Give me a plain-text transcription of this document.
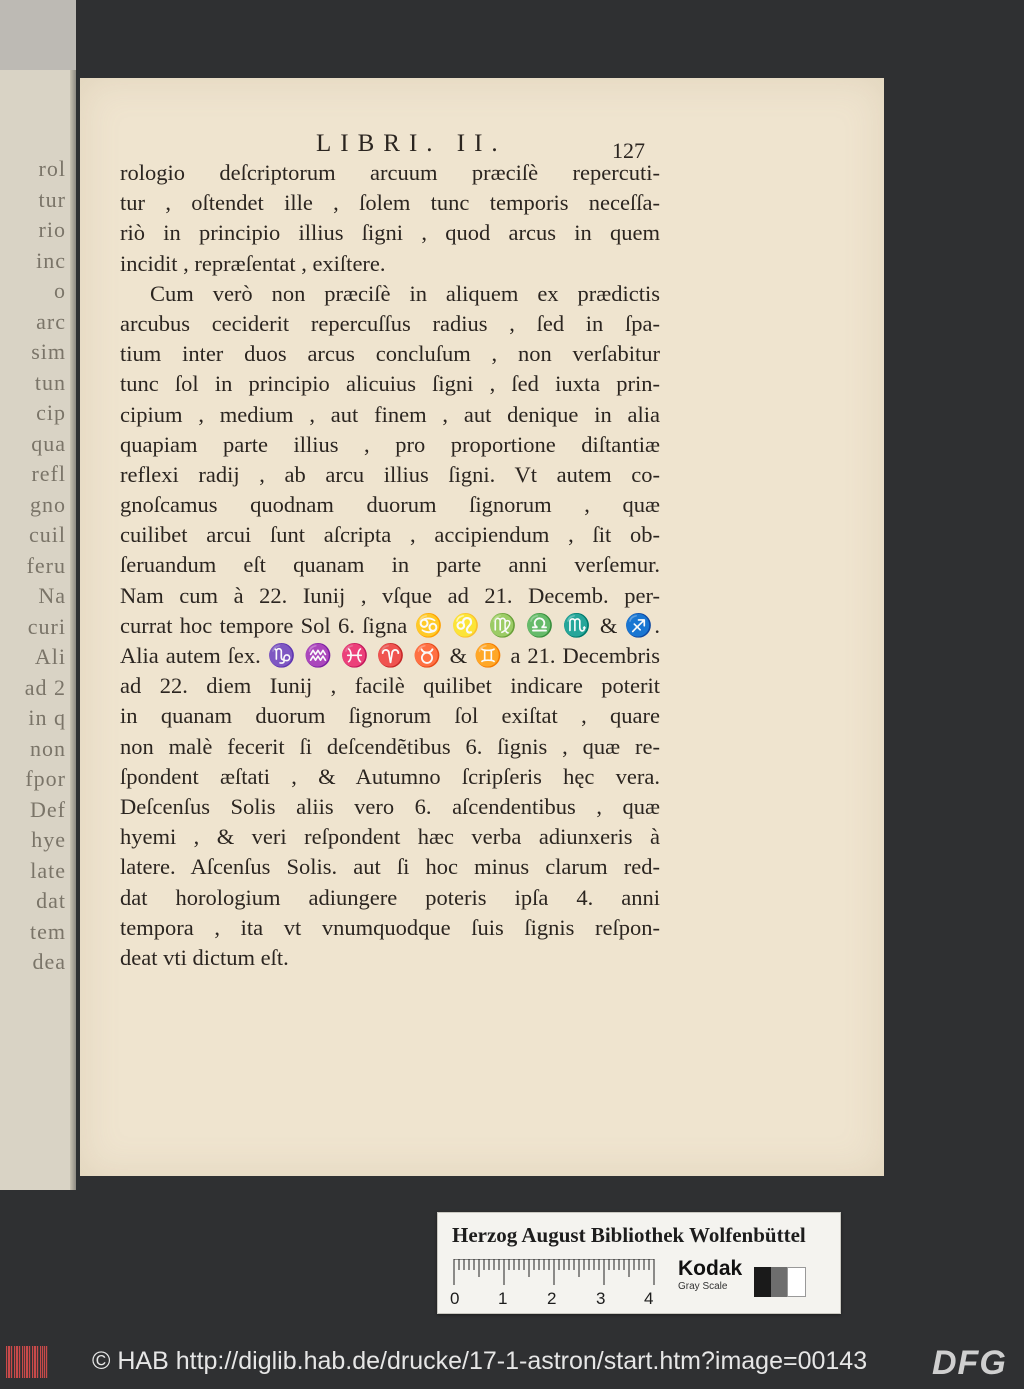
rol
tur
rio
inc
o
arc
sim
tun
cip
qua
refl
gno
cuil
feru
Na
curi
Ali
ad 2
in q
non
fpor
Def
hye
late
dat
tem
dea
LIBRI. II.	127
rologio deſcriptorum arcuum præciſè repercuti-
tur , oſtendet ille , ſolem tunc temporis neceſſa-
riò in principio illius ſigni , quod arcus in quem
incidit , repræſentat , exiſtere.
Cum verò non præciſè in aliquem ex prædictis
arcubus ceciderit repercuſſus radius , ſed in ſpa-
tium inter duos arcus concluſum , non verſabitur
tunc ſol in principio alicuius ſigni , ſed iuxta prin-
cipium , medium , aut finem , aut denique in alia
quapiam parte illius , pro proportione diſtantiæ
reflexi radij , ab arcu illius ſigni. Vt autem co-
gnoſcamus quodnam duorum ſignorum , quæ
cuilibet arcui ſunt aſcripta , accipiendum , ſit ob-
ſeruandum eſt quanam in parte anni verſemur.
Nam cum à 22. Iunij , vſque ad 21. Decemb. per-
currat hoc tempore Sol 6. ſigna ♋ ♌ ♍ ♎ ♏ & ♐.
Alia autem ſex. ♑ ♒ ♓ ♈ ♉ & ♊ a 21. Decembris
ad 22. diem Iunij , facilè quilibet indicare poterit
in quanam duorum ſignorum ſol exiſtat , quare
non malè fecerit ſi deſcendẽtibus 6. ſignis , quæ re-
ſpondent æſtati , & Autumno ſcripſeris hęc vera.
Deſcenſus Solis aliis vero 6. aſcendentibus , quæ
hyemi , & veri reſpondent hæc verba adiunxeris à
latere. Aſcenſus Solis. aut ſi hoc minus clarum red-
dat horologium adiungere poteris ipſa 4. anni
tempora , ita vt vnumquodque ſuis ſignis reſpon-
deat vti dictum eſt.
Herzog August Bibliothek Wolfenbüttel
0 1 2 3 4
Kodak
Gray Scale
© HAB http://diglib.hab.de/drucke/17-1-astron/start.htm?image=00143 DFG
